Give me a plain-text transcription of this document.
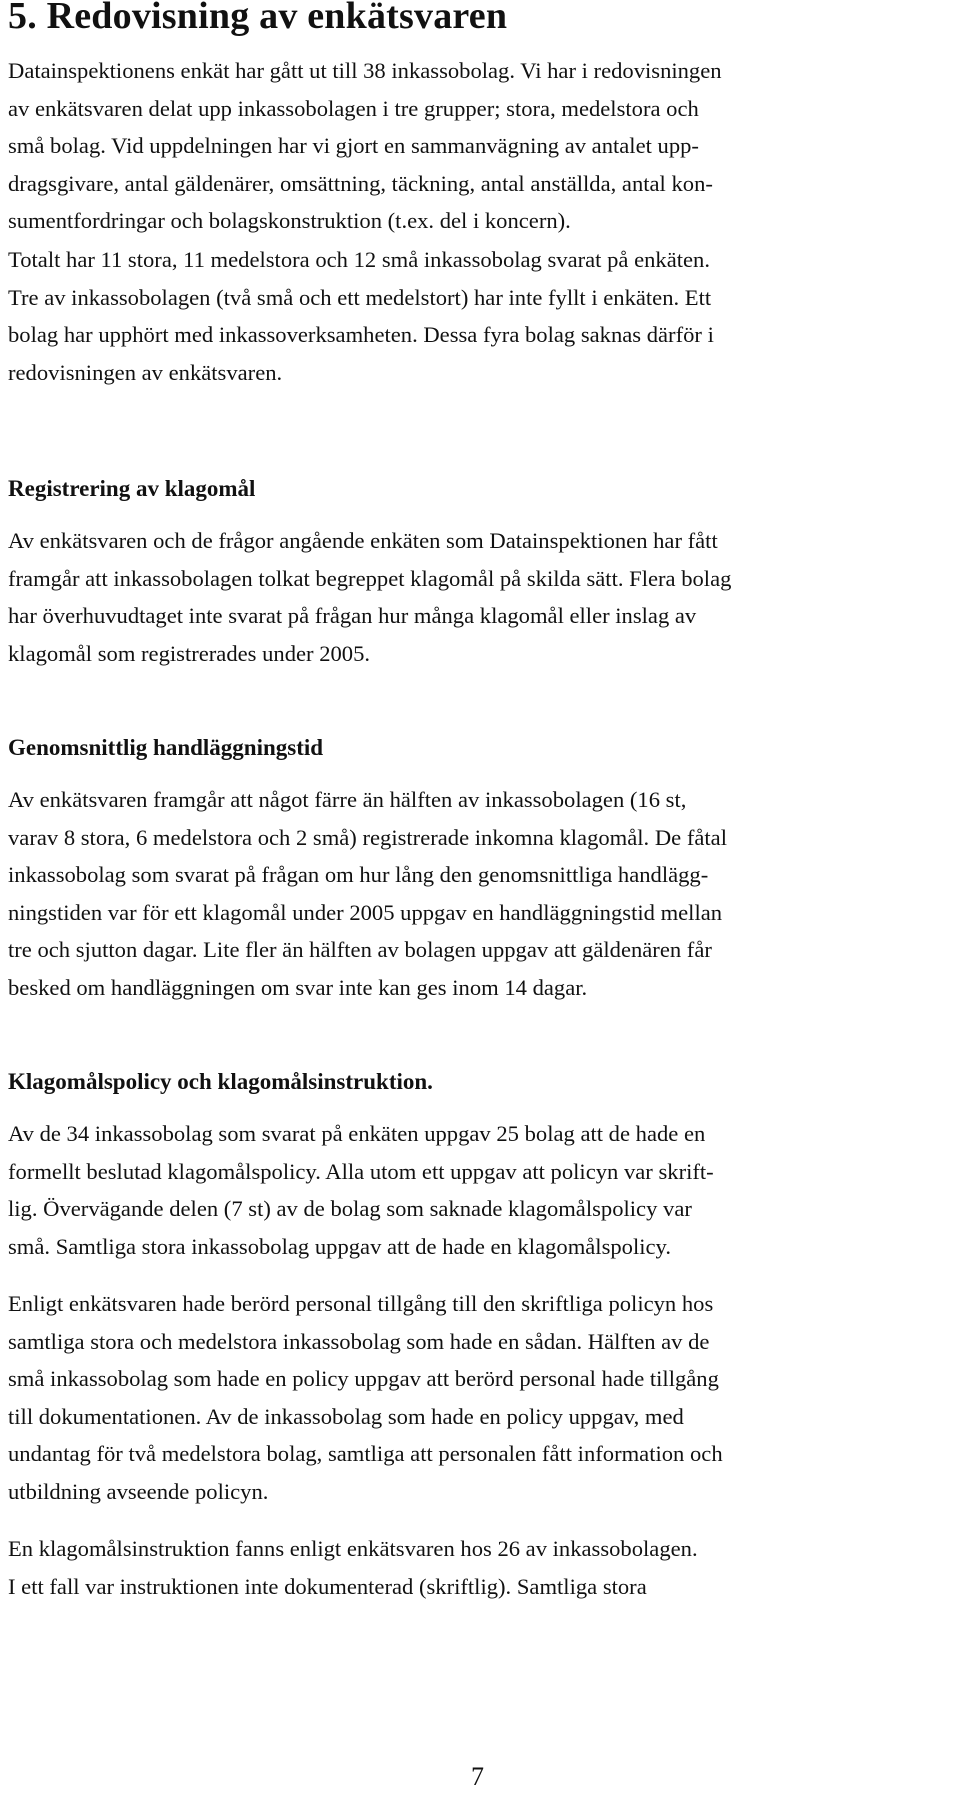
5. Redovisning av enkätsvaren

Datainspektionens enkät har gått ut till 38 inkassobolag. Vi har i redovisningen
av enkätsvaren delat upp inkassobolagen i tre grupper; stora, medelstora och
små bolag. Vid uppdelningen har vi gjort en sammanvägning av antalet upp-
dragsgivare, antal gäldenärer, omsättning, täckning, antal anställda, antal kon-
sumentfordringar och bolagskonstruktion (t.ex. del i koncern).

Totalt har 11 stora, 11 medelstora och 12 små inkassobolag svarat på enkäten.
Tre av inkassobolagen (två små och ett medelstort) har inte fyllt i enkäten. Ett
bolag har upphört med inkassoverksamheten. Dessa fyra bolag saknas därför i
redovisningen av enkätsvaren.

Registrering av klagomål

Av enkätsvaren och de frågor angående enkäten som Datainspektionen har fått
framgår att inkassobolagen tolkat begreppet klagomål på skilda sätt. Flera bolag
har överhuvudtaget inte svarat på frågan hur många klagomål eller inslag av
klagomål som registrerades under 2005.

Genomsnittlig handläggningstid

Av enkätsvaren framgår att något färre än hälften av inkassobolagen (16 st,
varav 8 stora, 6 medelstora och 2 små) registrerade inkomna klagomål. De fåtal
inkassobolag som svarat på frågan om hur lång den genomsnittliga handlägg-
ningstiden var för ett klagomål under 2005 uppgav en handläggningstid mellan
tre och sjutton dagar. Lite fler än hälften av bolagen uppgav att gäldenären får
besked om handläggningen om svar inte kan ges inom 14 dagar.

Klagomålspolicy och klagomålsinstruktion.

Av de 34 inkassobolag som svarat på enkäten uppgav 25 bolag att de hade en
formellt beslutad klagomålspolicy. Alla utom ett uppgav att policyn var skrift-
lig. Övervägande delen (7 st) av de bolag som saknade klagomålspolicy var
små. Samtliga stora inkassobolag uppgav att de hade en klagomålspolicy.

Enligt enkätsvaren hade berörd personal tillgång till den skriftliga policyn hos
samtliga stora och medelstora inkassobolag som hade en sådan. Hälften av de
små inkassobolag som hade en policy uppgav att berörd personal hade tillgång
till dokumentationen. Av de inkassobolag som hade en policy uppgav, med
undantag för två medelstora bolag, samtliga att personalen fått information och
utbildning avseende policyn.

En klagomålsinstruktion fanns enligt enkätsvaren hos 26 av inkassobolagen.
I ett fall var instruktionen inte dokumenterad (skriftlig). Samtliga stora

7
